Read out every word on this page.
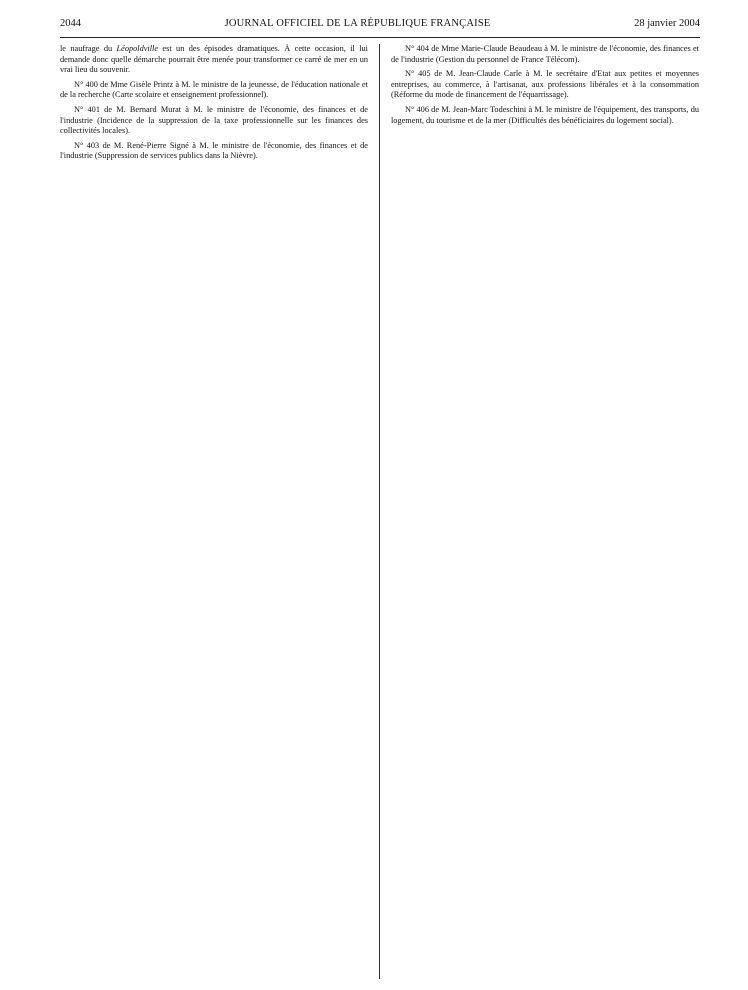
2044	JOURNAL OFFICIEL DE LA RÉPUBLIQUE FRANÇAISE	28 janvier 2004

le naufrage du Léopoldville est un des épisodes dramatiques. À cette occasion, il lui demande donc quelle démarche pourrait être menée pour transformer ce carré de mer en un vrai lieu du souvenir.

N° 400 de Mme Gisèle Printz à M. le ministre de la jeunesse, de l'éducation nationale et de la recherche (Carte scolaire et enseignement professionnel).

N° 401 de M. Bernard Murat à M. le ministre de l'économie, des finances et de l'industrie (Incidence de la suppression de la taxe professionnelle sur les finances des collectivités locales).

N° 403 de M. René-Pierre Signé à M. le ministre de l'économie, des finances et de l'industrie (Suppression de services publics dans la Nièvre).

N° 404 de Mme Marie-Claude Beaudeau à M. le ministre de l'économie, des finances et de l'industrie (Gestion du personnel de France Télécom).

N° 405 de M. Jean-Claude Carle à M. le secrétaire d'Etat aux petites et moyennes entreprises, au commerce, à l'artisanat, aux professions libérales et à la consommation (Réforme du mode de financement de l'équarrissage).

N° 406 de M. Jean-Marc Todeschini à M. le ministre de l'équipement, des transports, du logement, du tourisme et de la mer (Difficultés des bénéficiaires du logement social).
